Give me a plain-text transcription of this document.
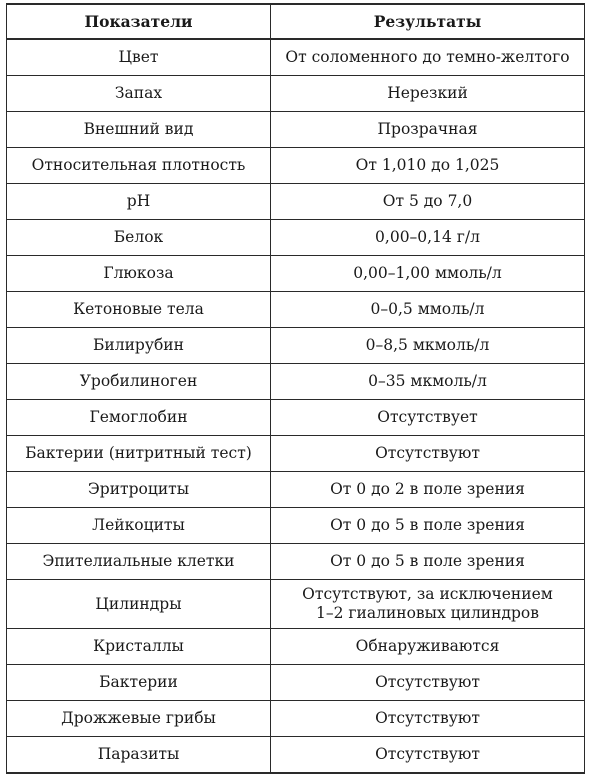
Показатели	Результаты
Цвет	От соломенного до темно-желтого
Запах	Нерезкий
Внешний вид	Прозрачная
Относительная плотность	От 1,010 до 1,025
pH	От 5 до 7,0
Белок	0,00–0,14 г/л
Глюкоза	0,00–1,00 ммоль/л
Кетоновые тела	0–0,5 ммоль/л
Билирубин	0–8,5 мкмоль/л
Уробилиноген	0–35 мкмоль/л
Гемоглобин	Отсутствует
Бактерии (нитритный тест)	Отсутствуют
Эритроциты	От 0 до 2 в поле зрения
Лейкоциты	От 0 до 5 в поле зрения
Эпителиальные клетки	От 0 до 5 в поле зрения
Цилиндры	Отсутствуют, за исключением
1–2 гиалиновых цилиндров
Кристаллы	Обнаруживаются
Бактерии	Отсутствуют
Дрожжевые грибы	Отсутствуют
Паразиты	Отсутствуют
